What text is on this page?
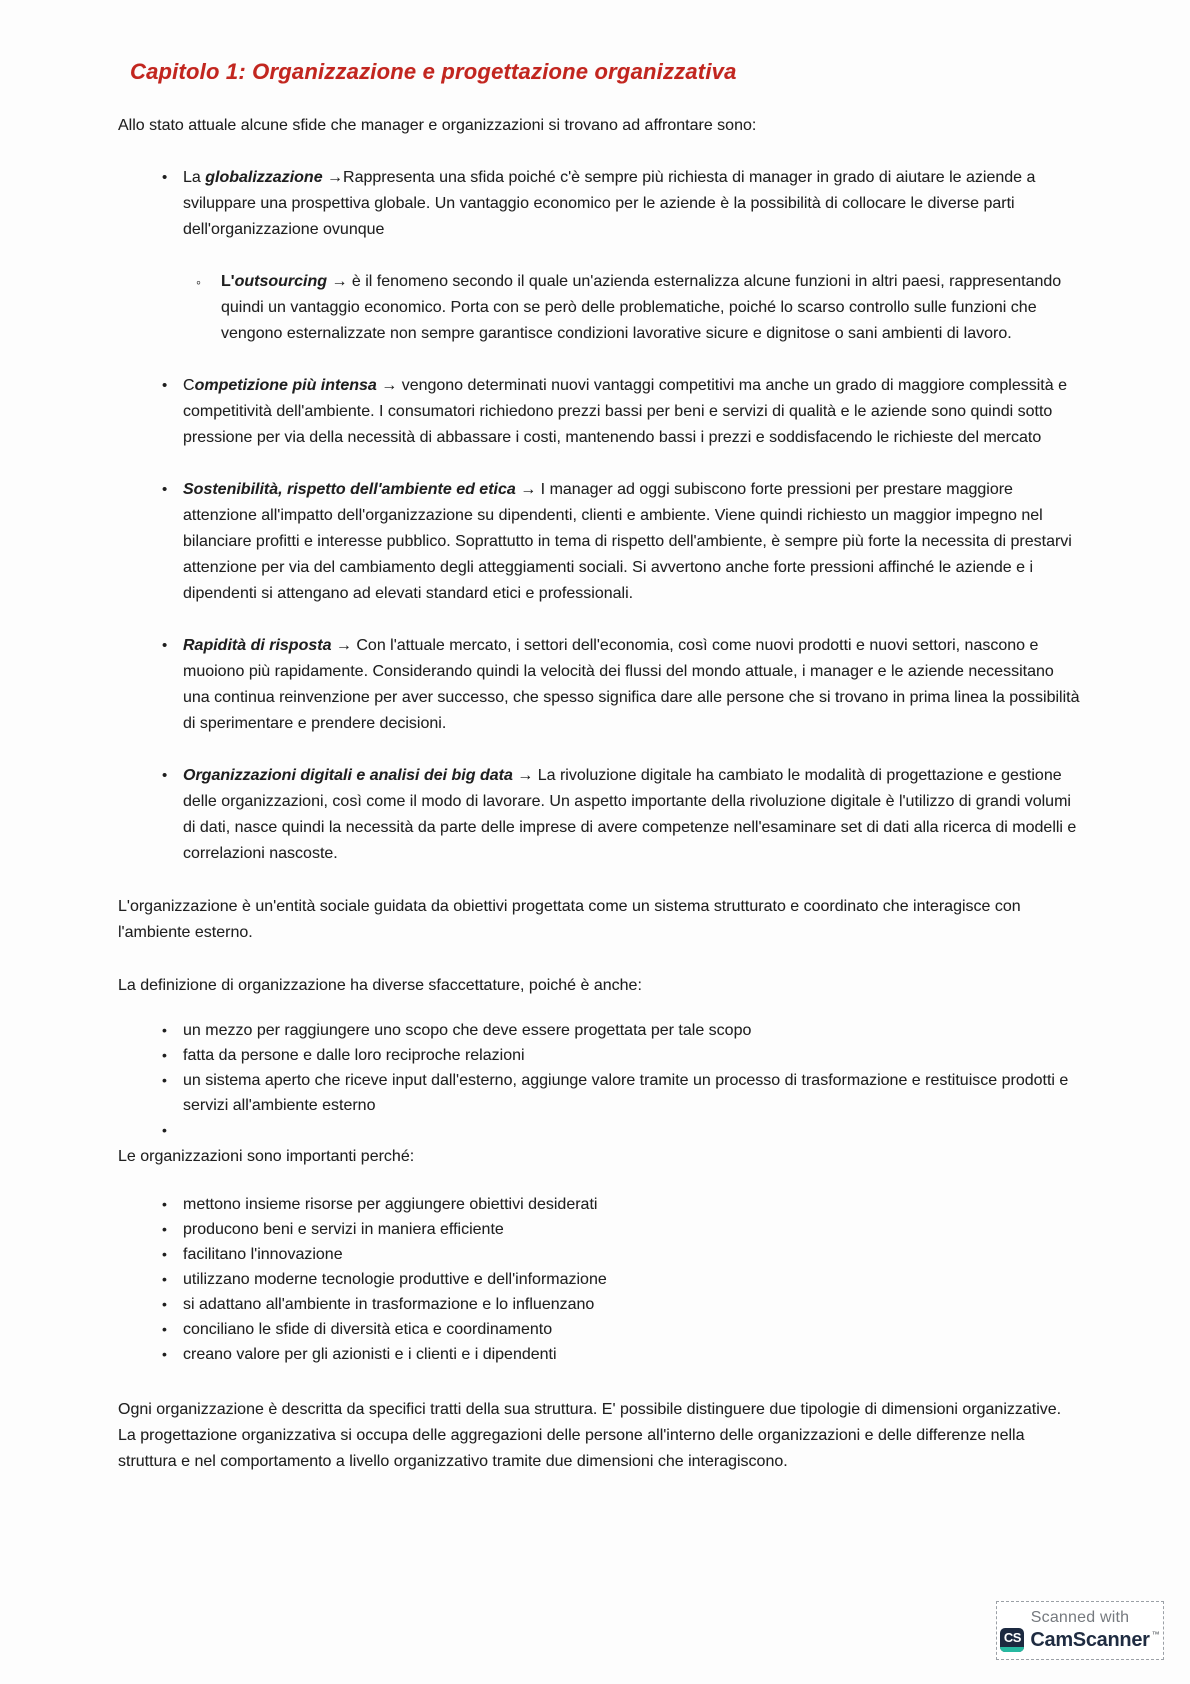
Capitolo 1: Organizzazione e progettazione organizzativa

Allo stato attuale alcune sfide che manager e organizzazioni si trovano ad affrontare sono:

• La globalizzazione →Rappresenta una sfida poiché c'è sempre più richiesta di manager in grado di aiutare le aziende a sviluppare una prospettiva globale. Un vantaggio economico per le aziende è la possibilità di collocare le diverse parti dell'organizzazione ovunque
◦	L'outsourcing → è il fenomeno secondo il quale un'azienda esternalizza alcune funzioni in altri paesi, rappresentando quindi un vantaggio economico. Porta con se però delle problematiche, poiché lo scarso controllo sulle funzioni che vengono esternalizzate non sempre garantisce condizioni lavorative sicure e dignitose o sani ambienti di lavoro.
• Competizione più intensa → vengono determinati nuovi vantaggi competitivi ma anche un grado di maggiore complessità e competitività dell'ambiente. I consumatori richiedono prezzi bassi per beni e servizi di qualità e le aziende sono quindi sotto pressione per via della necessità di abbassare i costi, mantenendo bassi i prezzi e soddisfacendo le richieste del mercato
• Sostenibilità, rispetto dell'ambiente ed etica → I manager ad oggi subiscono forte pressioni per prestare maggiore attenzione all'impatto dell'organizzazione su dipendenti, clienti e ambiente. Viene quindi richiesto un maggior impegno nel bilanciare profitti e interesse pubblico. Soprattutto in tema di rispetto dell'ambiente, è sempre più forte la necessita di prestarvi attenzione per via del cambiamento degli atteggiamenti sociali. Si avvertono anche forte pressioni affinché le aziende e i dipendenti si attengano ad elevati standard etici e professionali.
• Rapidità di risposta → Con l'attuale mercato, i settori dell'economia, così come nuovi prodotti e nuovi settori, nascono e muoiono più rapidamente. Considerando quindi la velocità dei flussi del mondo attuale, i manager e le aziende necessitano una continua reinvenzione per aver successo, che spesso significa dare alle persone che si trovano in prima linea la possibilità di sperimentare e prendere decisioni.
• Organizzazioni digitali e analisi dei big data → La rivoluzione digitale ha cambiato le modalità di progettazione e gestione delle organizzazioni, così come il modo di lavorare. Un aspetto importante della rivoluzione digitale è l'utilizzo di grandi volumi di dati, nasce quindi la necessità da parte delle imprese di avere competenze nell'esaminare set di dati alla ricerca di modelli e correlazioni nascoste.

L'organizzazione è un'entità sociale guidata da obiettivi progettata come un sistema strutturato e coordinato che interagisce con l'ambiente esterno.

La definizione di organizzazione ha diverse sfaccettature, poiché è anche:

•	un mezzo per raggiungere uno scopo che deve essere progettata per tale scopo
•	fatta da persone e dalle loro reciproche relazioni
•	un sistema aperto che riceve input dall'esterno, aggiunge valore tramite un processo di trasformazione e restituisce prodotti e servizi all'ambiente esterno
•

Le organizzazioni sono importanti perché:

•	mettono insieme risorse per aggiungere obiettivi desiderati
•	producono beni e servizi in maniera efficiente
•	facilitano l'innovazione
•	utilizzano moderne tecnologie produttive e dell'informazione
•	si adattano all'ambiente in trasformazione e lo influenzano
•	conciliano le sfide di diversità etica e coordinamento
•	creano valore per gli azionisti e i clienti e i dipendenti

Ogni organizzazione è descritta da specifici tratti della sua struttura. E' possibile distinguere due tipologie di dimensioni organizzative. La progettazione organizzativa si occupa delle aggregazioni delle persone all'interno delle organizzazioni e delle differenze nella struttura e nel comportamento a livello organizzativo tramite due dimensioni che interagiscono.

Scanned with
CS CamScanner ™
